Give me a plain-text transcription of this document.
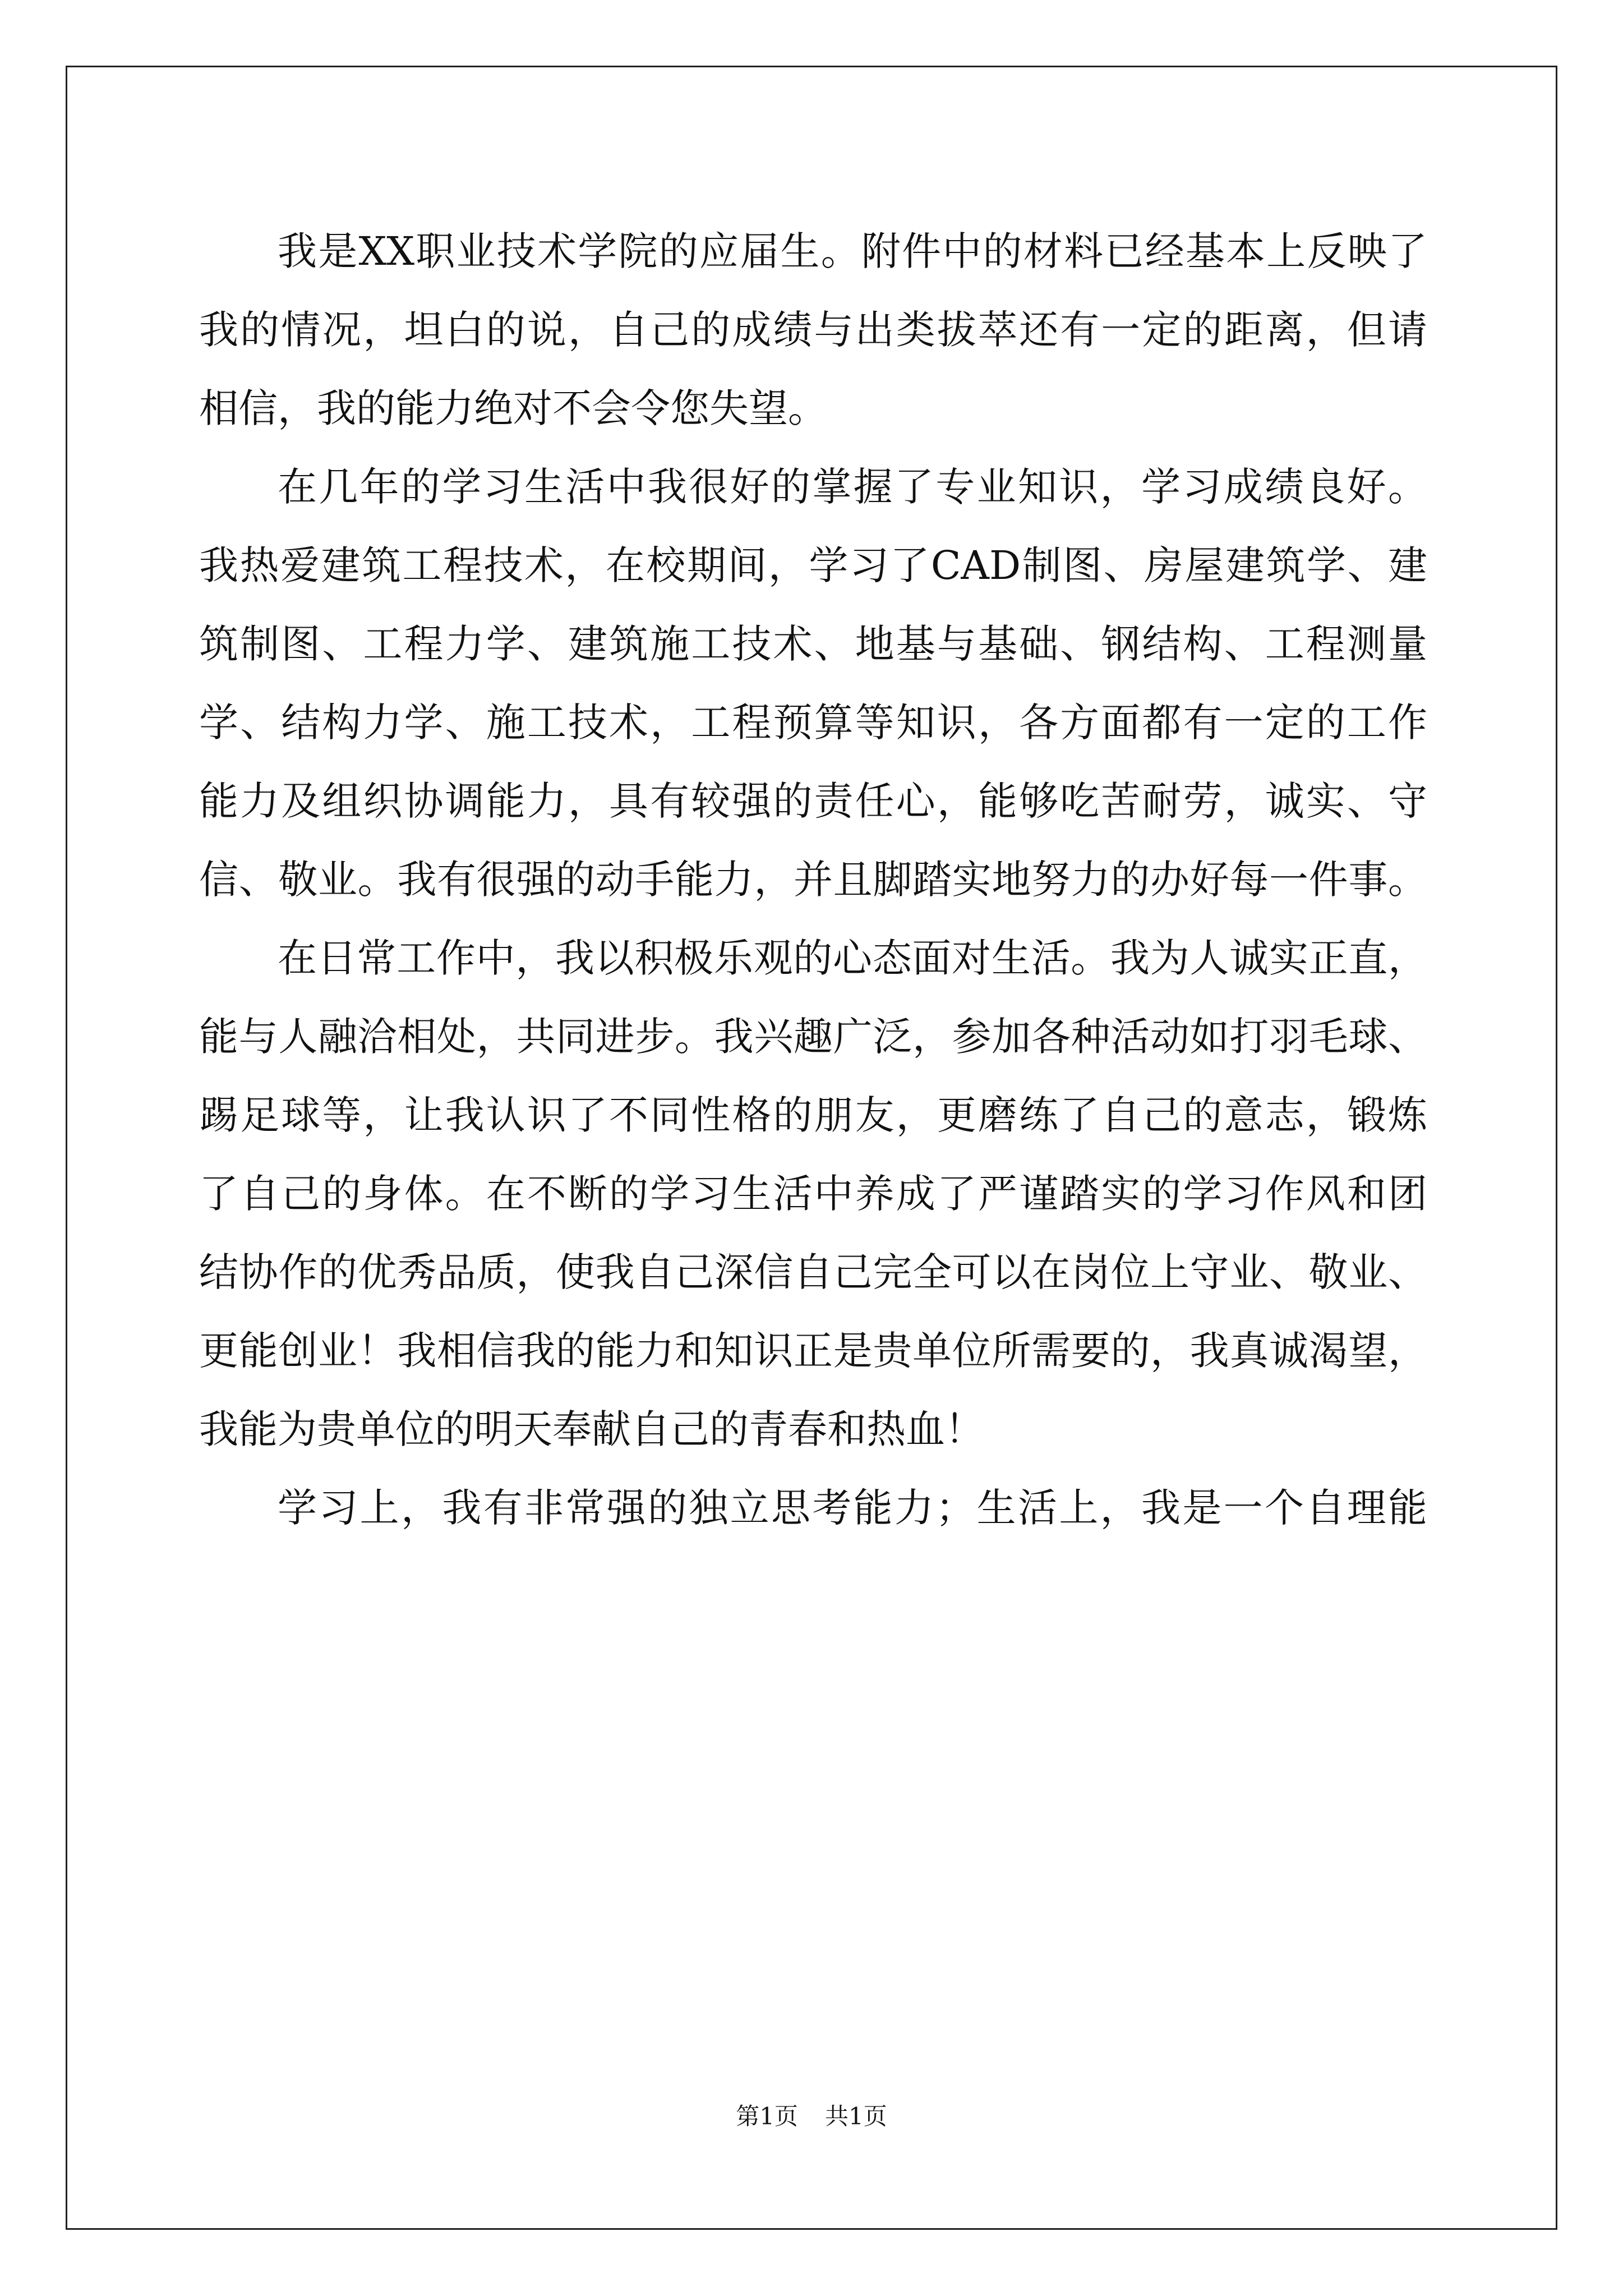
我是XX职业技术学院的应届生。附件中的材料已经基本上反映了
我的情况，坦白的说，自己的成绩与出类拔萃还有一定的距离，但请
相信，我的能力绝对不会令您失望。
在几年的学习生活中我很好的掌握了专业知识，学习成绩良好。
我热爱建筑工程技术，在校期间，学习了CAD制图、房屋建筑学、建
筑制图、工程力学、建筑施工技术、地基与基础、钢结构、工程测量
学、结构力学、施工技术，工程预算等知识，各方面都有一定的工作
能力及组织协调能力，具有较强的责任心，能够吃苦耐劳，诚实、守
信、敬业。我有很强的动手能力，并且脚踏实地努力的办好每一件事。
在日常工作中，我以积极乐观的心态面对生活。我为人诚实正直，
能与人融洽相处，共同进步。我兴趣广泛，参加各种活动如打羽毛球、
踢足球等，让我认识了不同性格的朋友，更磨练了自己的意志，锻炼
了自己的身体。在不断的学习生活中养成了严谨踏实的学习作风和团
结协作的优秀品质，使我自己深信自己完全可以在岗位上守业、敬业、
更能创业！我相信我的能力和知识正是贵单位所需要的，我真诚渴望，
我能为贵单位的明天奉献自己的青春和热血！
学习上，我有非常强的独立思考能力；生活上，我是一个自理能
第1页 共1页
